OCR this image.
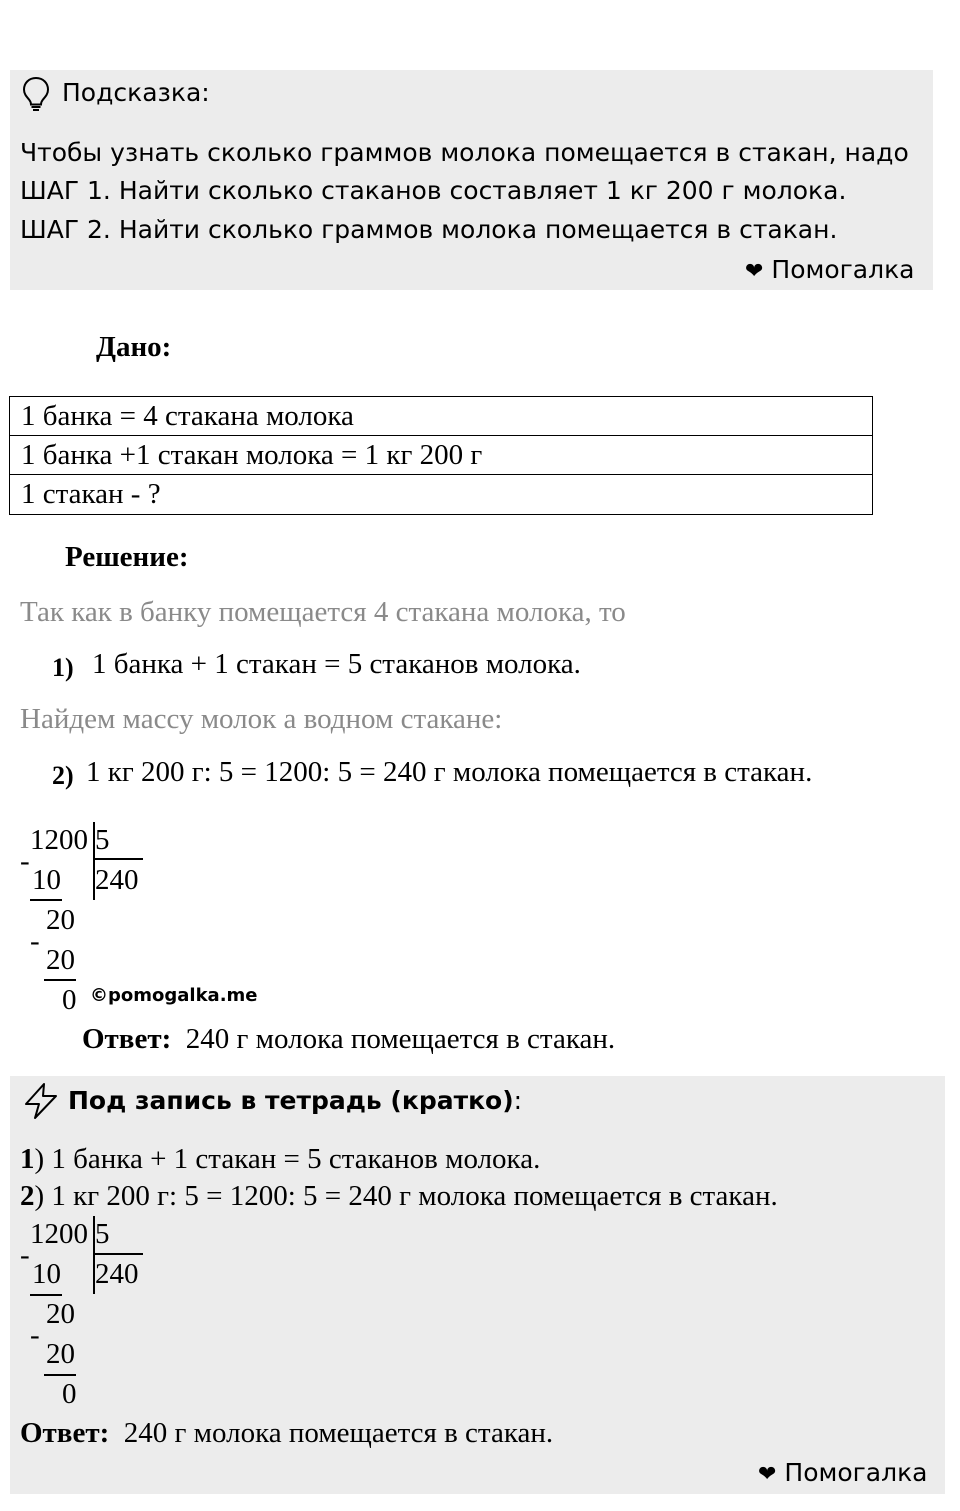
Подсказка:
Чтобы узнать сколько граммов молока помещается в стакан, надо
ШАГ 1. Найти сколько стаканов составляет 1 кг 200 г молока.
ШАГ 2. Найти сколько граммов молока помещается в стакан.
❤ Помогалка
Дано:
1 банка = 4 стакана молока
1 банка +1 стакан молока = 1 кг 200 г
1 стакан - ?
Решение:
Так как в банку помещается 4 стакана молока, то
1) 1 банка + 1 стакан = 5 стаканов молока.
Найдем массу молок а водном стакане:
2) 1 кг 200 г: 5 = 1200: 5 = 240 г молока помещается в стакан.
1200 5
240
-
10
20
-
20
0 ©pomogalka.me
Ответ: 240 г молока помещается в стакан.
Под запись в тетрадь (кратко):
1) 1 банка + 1 стакан = 5 стаканов молока.
2) 1 кг 200 г: 5 = 1200: 5 = 240 г молока помещается в стакан.
1200 5
240
-
10
20
-
20
0
Ответ: 240 г молока помещается в стакан.
❤ Помогалка
